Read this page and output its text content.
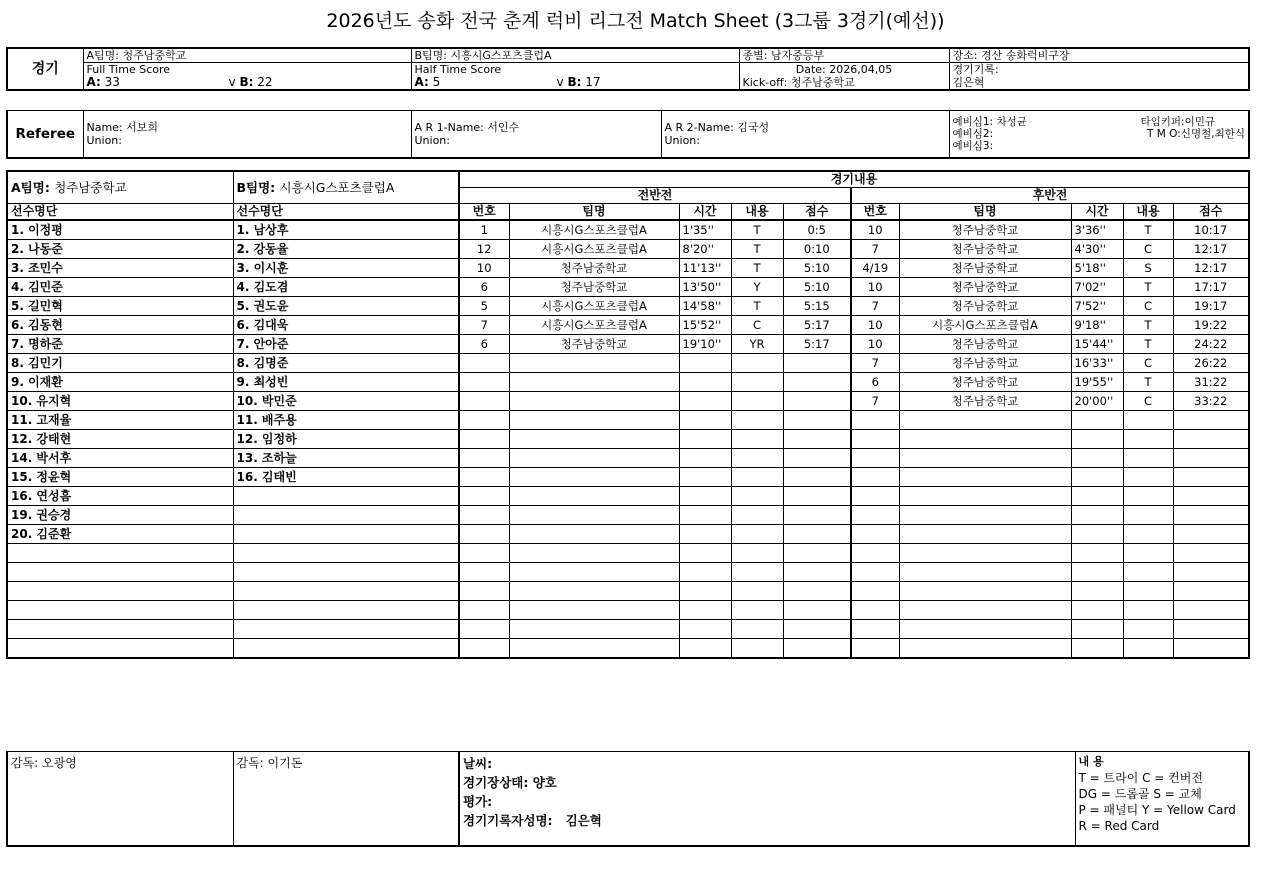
2026년도 송화 전국 춘계 럭비 리그전 Match Sheet (3그룹 3경기(예선))
경기	A팀명: 청주남중학교	B팀명: 시흥시G스포츠클럽A	종별: 남자중등부	장소: 경산 송화럭비구장
	Full Time Score	Half Time Score	Date: 2026,04,05	경기기록:
	A: 33 v B: 22	A: 5 v B: 17	Kick-off: 청주남중학교	김은혁
Referee	Name: 서보희
Union:

A R 1-Name: 서인수
Union:

A R 2-Name: 김국성
Union:

예비심1: 차성균	타임키퍼:이민규
예비심2:	T M O:신명철,최한식
예비심3:
A팀명: 청주남중학교	B팀명: 시흥시G스포츠클럽A	경기내용									
		전반전					후반전				
선수명단	선수명단	번호	팀명	시간	내용	점수	번호	팀명	시간	내용	점수
1. 이정평	1. 남상후	1	시흥시G스포츠클럽A	1'35''	T	0:5	10	청주남중학교	3'36''	T	10:17
2. 나동준	2. 강동율	12	시흥시G스포츠클럽A	8'20''	T	0:10	7	청주남중학교	4'30''	C	12:17
3. 조민수	3. 이시훈	10	청주남중학교	11'13''	T	5:10	4/19	청주남중학교	5'18''	S	12:17
4. 김민준	4. 김도겸	6	청주남중학교	13'50''	Y	5:10	10	청주남중학교	7'02''	T	17:17
5. 길민혁	5. 권도윤	5	시흥시G스포츠클럽A	14'58''	T	5:15	7	청주남중학교	7'52''	C	19:17
6. 김동현	6. 김대욱	7	시흥시G스포츠클럽A	15'52''	C	5:17	10	시흥시G스포츠클럽A	9'18''	T	19:22
7. 명하준	7. 안아준	6	청주남중학교	19'10''	YR	5:17	10	청주남중학교	15'44''	T	24:22
8. 김민기	8. 김명준						7	청주남중학교	16'33''	C	26:22
9. 이재환	9. 최성빈						6	청주남중학교	19'55''	T	31:22
10. 유지혁	10. 박민준						7	청주남중학교	20'00''	C	33:22
11. 고재율	11. 배주용										
12. 강태현	12. 임정하										
14. 박서후	13. 조하늘										
15. 정윤혁	16. 김태빈										
16. 연성흠											
19. 권승경											
20. 김준환											

감독: 오광영	감독: 이기돈	날씨:
경기장상태: 양호
평가:
경기기록자성명: 김은혁

내 용
T = 트라이 C = 컨버전
DG = 드롭골 S = 교체
P = 패널티 Y = Yellow Card
R = Red Card
